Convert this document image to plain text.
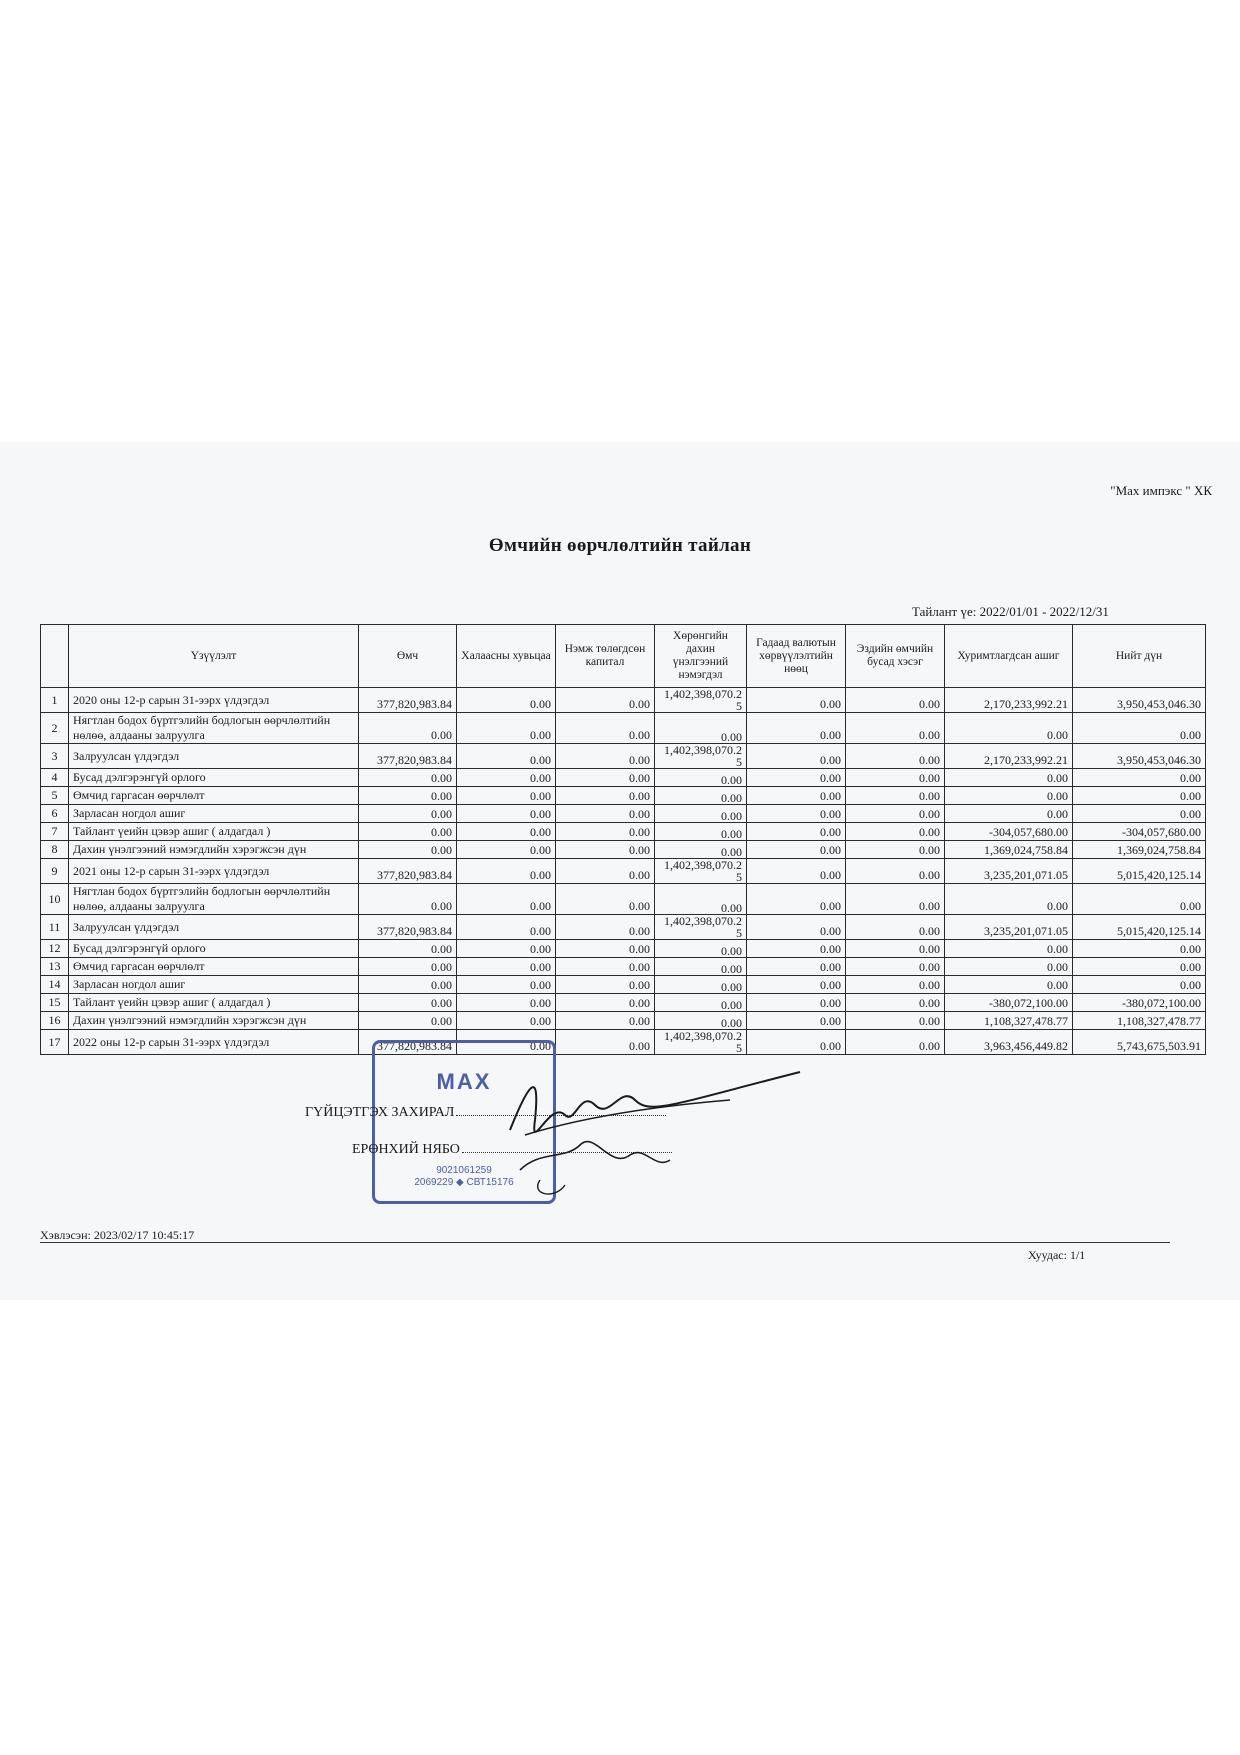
"Мах импэкс " ХК
Өмчийн өөрчлөлтийн тайлан
Тайлант үе: 2022/01/01 - 2022/12/31
	Үзүүлэлт	Өмч	Халаасны хувьцаа	Нэмж төлөгдсөн капитал	Хөрөнгийн дахин үнэлгээний нэмэгдэл	Гадаад валютын хөрвүүлэлтийн нөөц	Эздийн өмчийн бусад хэсэг	Хуримтлагдсан ашиг	Нийт дүн
1	2020 оны 12-р сарын 31-ээрх үлдэгдэл	377,820,983.84	0.00	0.00	1,402,398,070.25	0.00	0.00	2,170,233,992.21	3,950,453,046.30
2	Нягтлан бодох бүртгэлийн бодлогын өөрчлөлтийн нөлөө, алдааны залруулга	0.00	0.00	0.00	0.00	0.00	0.00	0.00	0.00
3	Залруулсан үлдэгдэл	377,820,983.84	0.00	0.00	1,402,398,070.25	0.00	0.00	2,170,233,992.21	3,950,453,046.30
4	Бусад дэлгэрэнгүй орлого	0.00	0.00	0.00	0.00	0.00	0.00	0.00	0.00
5	Өмчид гаргасан өөрчлөлт	0.00	0.00	0.00	0.00	0.00	0.00	0.00	0.00
6	Зарласан ногдол ашиг	0.00	0.00	0.00	0.00	0.00	0.00	0.00	0.00
7	Тайлант үеийн цэвэр ашиг ( алдагдал )	0.00	0.00	0.00	0.00	0.00	0.00	-304,057,680.00	-304,057,680.00
8	Дахин үнэлгээний нэмэгдлийн хэрэгжсэн дүн	0.00	0.00	0.00	0.00	0.00	0.00	1,369,024,758.84	1,369,024,758.84
9	2021 оны 12-р сарын 31-ээрх үлдэгдэл	377,820,983.84	0.00	0.00	1,402,398,070.25	0.00	0.00	3,235,201,071.05	5,015,420,125.14
10	Нягтлан бодох бүртгэлийн бодлогын өөрчлөлтийн нөлөө, алдааны залруулга	0.00	0.00	0.00	0.00	0.00	0.00	0.00	0.00
11	Залруулсан үлдэгдэл	377,820,983.84	0.00	0.00	1,402,398,070.25	0.00	0.00	3,235,201,071.05	5,015,420,125.14
12	Бусад дэлгэрэнгүй орлого	0.00	0.00	0.00	0.00	0.00	0.00	0.00	0.00
13	Өмчид гаргасан өөрчлөлт	0.00	0.00	0.00	0.00	0.00	0.00	0.00	0.00
14	Зарласан ногдол ашиг	0.00	0.00	0.00	0.00	0.00	0.00	0.00	0.00
15	Тайлант үеийн цэвэр ашиг ( алдагдал )	0.00	0.00	0.00	0.00	0.00	0.00	-380,072,100.00	-380,072,100.00
16	Дахин үнэлгээний нэмэгдлийн хэрэгжсэн дүн	0.00	0.00	0.00	0.00	0.00	0.00	1,108,327,478.77	1,108,327,478.77
17	2022 оны 12-р сарын 31-ээрх үлдэгдэл	377,820,983.84	0.00	0.00	1,402,398,070.25	0.00	0.00	3,963,456,449.82	5,743,675,503.91
МАХ
9021061259
2069229 ◆ СВТ15176
ГҮЙЦЭТГЭХ ЗАХИРАЛ
ЕРӨНХИЙ НЯБО
Хэвлэсэн: 2023/02/17 10:45:17
Хуудас: 1/1
